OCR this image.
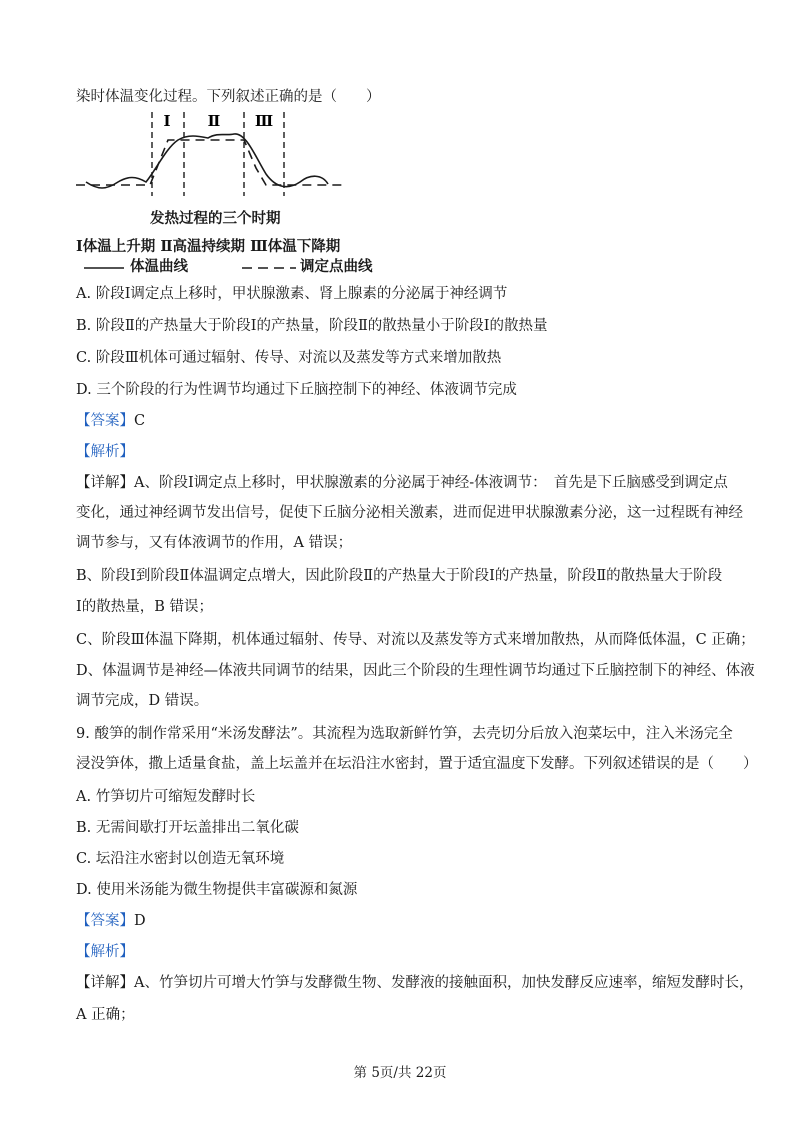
染时体温变化过程。下列叙述正确的是（　　）
Ⅰ Ⅱ Ⅲ
发热过程的三个时期
Ⅰ体温上升期 Ⅱ高温持续期 Ⅲ体温下降期
体温曲线	调定点曲线
A. 阶段Ⅰ调定点上移时，甲状腺激素、肾上腺素的分泌属于神经调节
B. 阶段Ⅱ的产热量大于阶段Ⅰ的产热量，阶段Ⅱ的散热量小于阶段Ⅰ的散热量
C. 阶段Ⅲ机体可通过辐射、传导、对流以及蒸发等方式来增加散热
D. 三个阶段的行为性调节均通过下丘脑控制下的神经、体液调节完成
【答案】C
【解析】
【详解】A、阶段Ⅰ调定点上移时，甲状腺激素的分泌属于神经-体液调节：　首先是下丘脑感受到调定点
变化，通过神经调节发出信号，促使下丘脑分泌相关激素，进而促进甲状腺激素分泌，这一过程既有神经
调节参与，又有体液调节的作用，A 错误；
B、阶段Ⅰ到阶段Ⅱ体温调定点增大，因此阶段Ⅱ的产热量大于阶段Ⅰ的产热量，阶段Ⅱ的散热量大于阶段
Ⅰ的散热量，B 错误；
C、阶段Ⅲ体温下降期，机体通过辐射、传导、对流以及蒸发等方式来增加散热，从而降低体温，C 正确；
D、体温调节是神经—体液共同调节的结果，因此三个阶段的生理性调节均通过下丘脑控制下的神经、体液
调节完成，D 错误。
9. 酸笋的制作常采用“米汤发酵法”。其流程为选取新鲜竹笋，去壳切分后放入泡菜坛中，注入米汤完全
浸没笋体，撒上适量食盐，盖上坛盖并在坛沿注水密封，置于适宜温度下发酵。下列叙述错误的是（　　）
A. 竹笋切片可缩短发酵时长
B. 无需间歇打开坛盖排出二氧化碳
C. 坛沿注水密封以创造无氧环境
D. 使用米汤能为微生物提供丰富碳源和氮源
【答案】D
【解析】
【详解】A、竹笋切片可增大竹笋与发酵微生物、发酵液的接触面积，加快发酵反应速率，缩短发酵时长，
A 正确；
第 5页/共 22页
